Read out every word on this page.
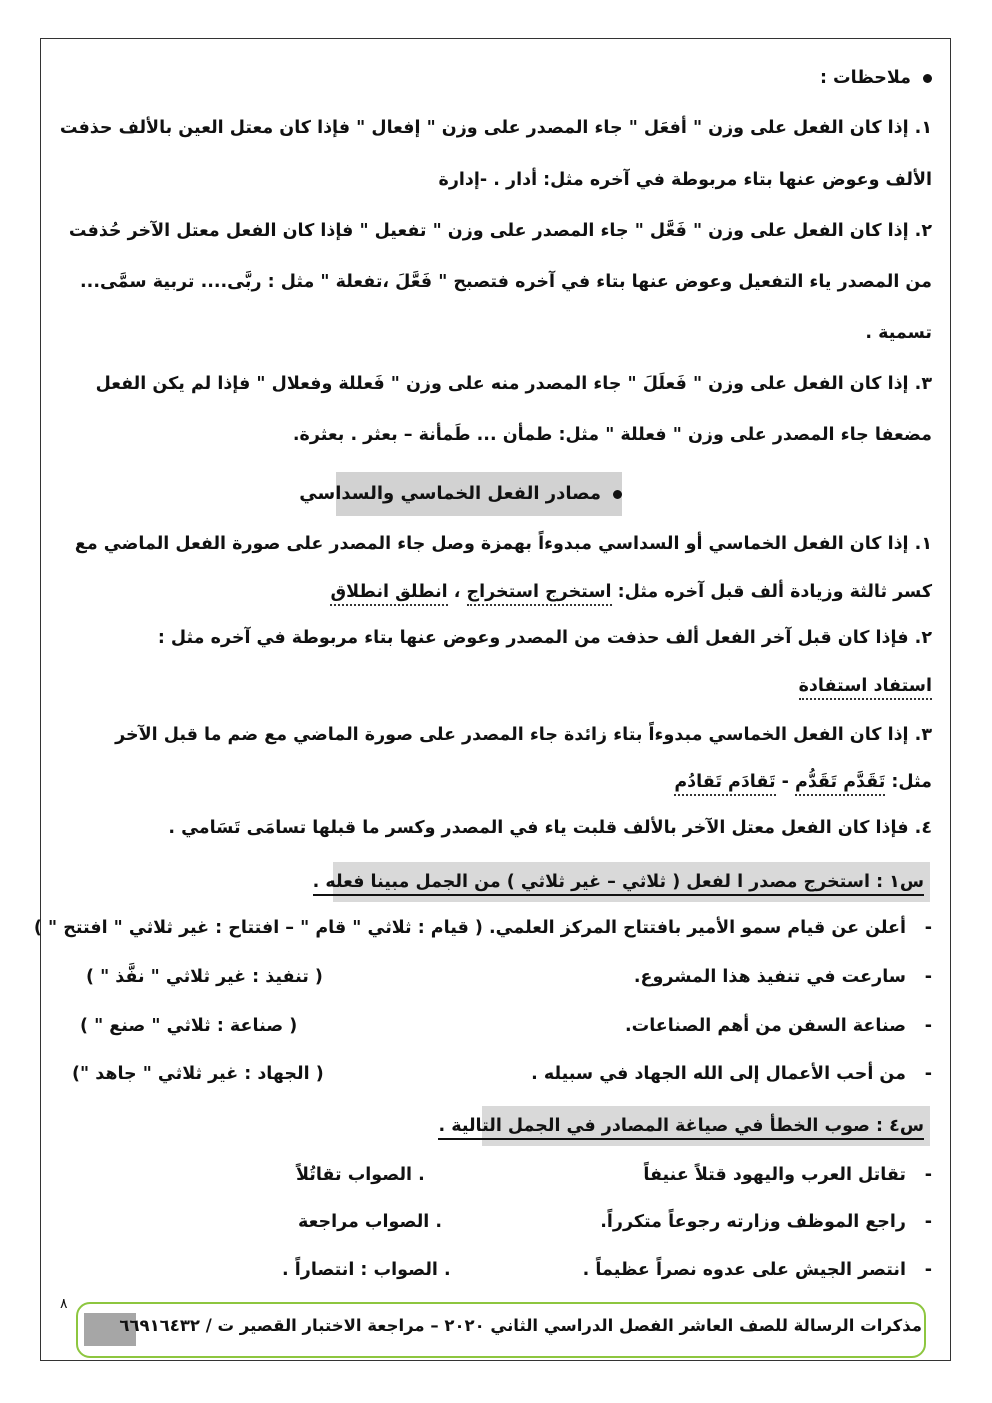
ملاحظات :
١. إذا كان الفعل على وزن " أفعَل " جاء المصدر على وزن " إفعال " فإذا كان معتل العين بالألف حذفت
الألف وعوض عنها بتاء مربوطة في آخره مثل: أدار . -إدارة
٢. إذا كان الفعل على وزن " فَعَّل " جاء المصدر على وزن " تفعيل " فإذا كان الفعل معتل الآخر حُذفت
من المصدر ياء التفعيل وعوض عنها بتاء في آخره فتصبح " فَعَّلَ ،تفعلة " مثل : ربَّى.... تربية سمَّى...
تسمية .
٣. إذا كان الفعل على وزن " فَعلَلَ " جاء المصدر منه على وزن " فَعللة وفعلال " فإذا لم يكن الفعل
مضعفا جاء المصدر على وزن " فعللة " مثل: طمأن ... طَمأنة – بعثر . بعثرة.
مصادر الفعل الخماسي والسداسي
١. إذا كان الفعل الخماسي أو السداسي مبدوءاً بهمزة وصل جاء المصدر على صورة الفعل الماضي مع
كسر ثالثة وزيادة ألف قبل آخره مثل: استخرج استخراج ، انطلق انطلاق
٢. فإذا كان قبل آخر الفعل ألف حذفت من المصدر وعوض عنها بتاء مربوطة في آخره مثل :
استفاد استفادة
٣. إذا كان الفعل الخماسي مبدوءاً بتاء زائدة جاء المصدر على صورة الماضي مع ضم ما قبل الآخر
مثل: تَقَدَّم تَقَدُّم - تَقادَم تَقادُم
٤. فإذا كان الفعل معتل الآخر بالألف قلبت ياء في المصدر وكسر ما قبلها تسامَى تَسَامي .
س١ : استخرج مصدر ا لفعل ( ثلاثي – غير ثلاثي ) من الجمل مبينا فعله .
-أعلن عن قيام سمو الأمير بافتتاح المركز العلمي. ( قيام : ثلاثي " قام " – افتتاح : غير ثلاثي " افتتح " )
-سارعت في تنفيذ هذا المشروع.
( تنفيذ : غير ثلاثي " نفَّذ " )
-صناعة السفن من أهم الصناعات.
( صناعة : ثلاثي " صنع " )
-من أحب الأعمال إلى الله الجهاد في سبيله .
( الجهاد : غير ثلاثي " جاهد ")
س٤ : صوب الخطأ في صياغة المصادر في الجمل التالية .
-تقاتل العرب واليهود قتلاً عنيفاً
. الصواب تقاتُلاً
-راجع الموظف وزارته رجوعاً متكرراً.
. الصواب مراجعة
-انتصر الجيش على عدوه نصراً عظيماً .
. الصواب : انتصاراً .
٨
مذكرات الرسالة للصف العاشر الفصل الدراسي الثاني ٢٠٢٠ – مراجعة الاختبار القصير ت / ٦٦٩١٦٤٣٢
